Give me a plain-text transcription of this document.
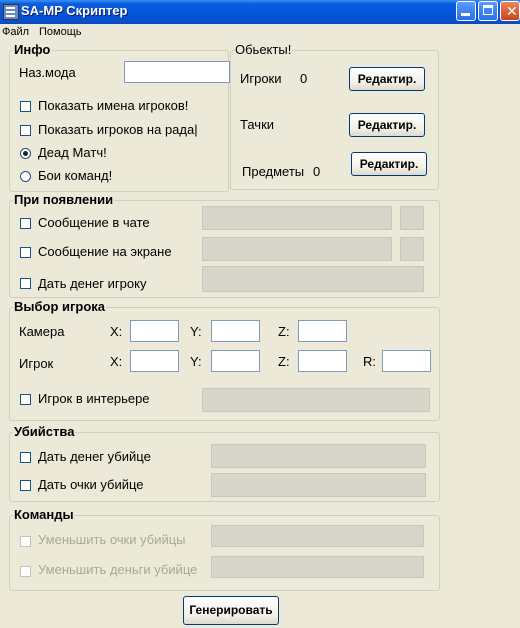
SA-MP Скриптер	✕
Файл Помощь
Инфо
Наз.мода
Показать имена игроков!
Показать игроков на рада|
Деад Матч!
Бои команд!
Обьекты!
Игроки 0	Редактир.
Тачки	Редактир.
Предметы 0	Редактир.
При появлении
Сообщение в чате
Сообщение на экране
Дать денег игроку
Выбор игрока
Камера	X:	Y:	Z:
Игрок	X:	Y:	Z:	R:
Игрок в интерьере
Убийства
Дать денег убийце
Дать очки убийце
Команды
Уменьшить очки убийцы
Уменьшить деньги убийце
Генерировать
